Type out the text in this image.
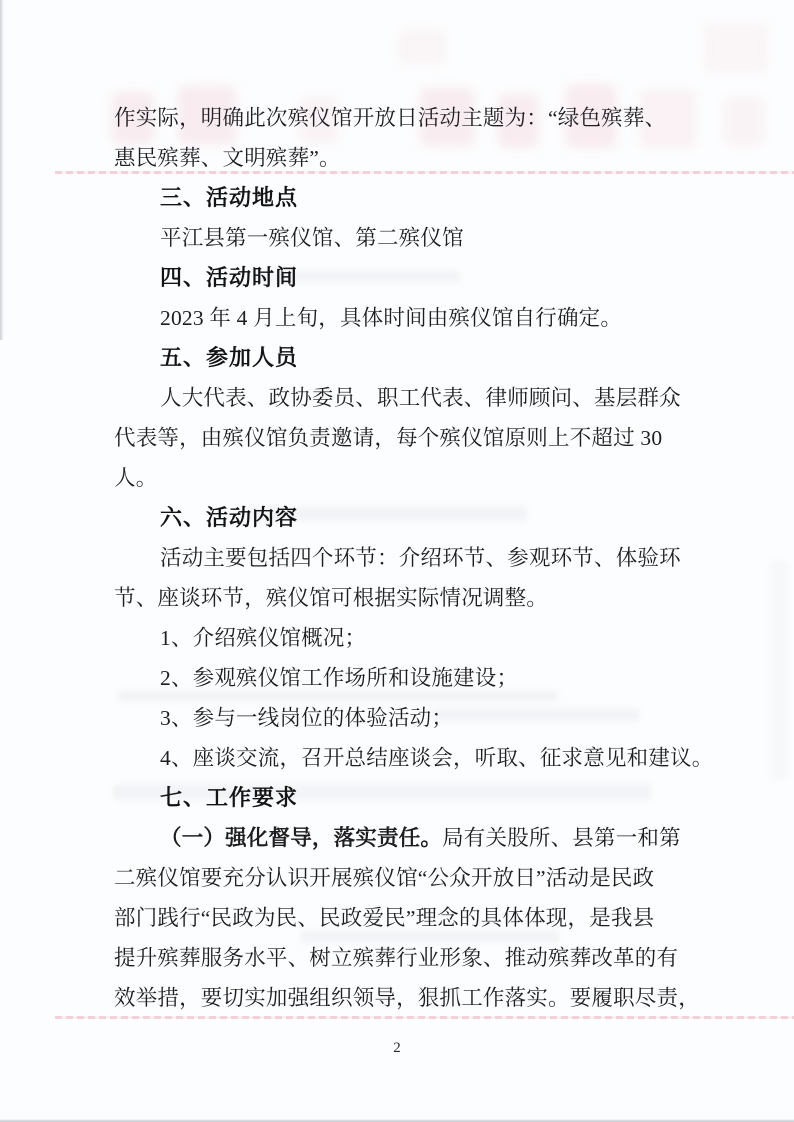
作实际，明确此次殡仪馆开放日活动主题为：“绿色殡葬、
惠民殡葬、文明殡葬”。
三、活动地点
平江县第一殡仪馆、第二殡仪馆
四、活动时间
2023 年 4 月上旬，具体时间由殡仪馆自行确定。
五、参加人员
人大代表、政协委员、职工代表、律师顾问、基层群众
代表等，由殡仪馆负责邀请，每个殡仪馆原则上不超过 30
人。
六、活动内容
活动主要包括四个环节：介绍环节、参观环节、体验环
节、座谈环节，殡仪馆可根据实际情况调整。
1、介绍殡仪馆概况；
2、参观殡仪馆工作场所和设施建设；
3、参与一线岗位的体验活动；
4、座谈交流，召开总结座谈会，听取、征求意见和建议。
七、工作要求
（一）强化督导，落实责任。局有关股所、县第一和第
二殡仪馆要充分认识开展殡仪馆“公众开放日”活动是民政
部门践行“民政为民、民政爱民”理念的具体体现，是我县
提升殡葬服务水平、树立殡葬行业形象、推动殡葬改革的有
效举措，要切实加强组织领导，狠抓工作落实。要履职尽责，
2
